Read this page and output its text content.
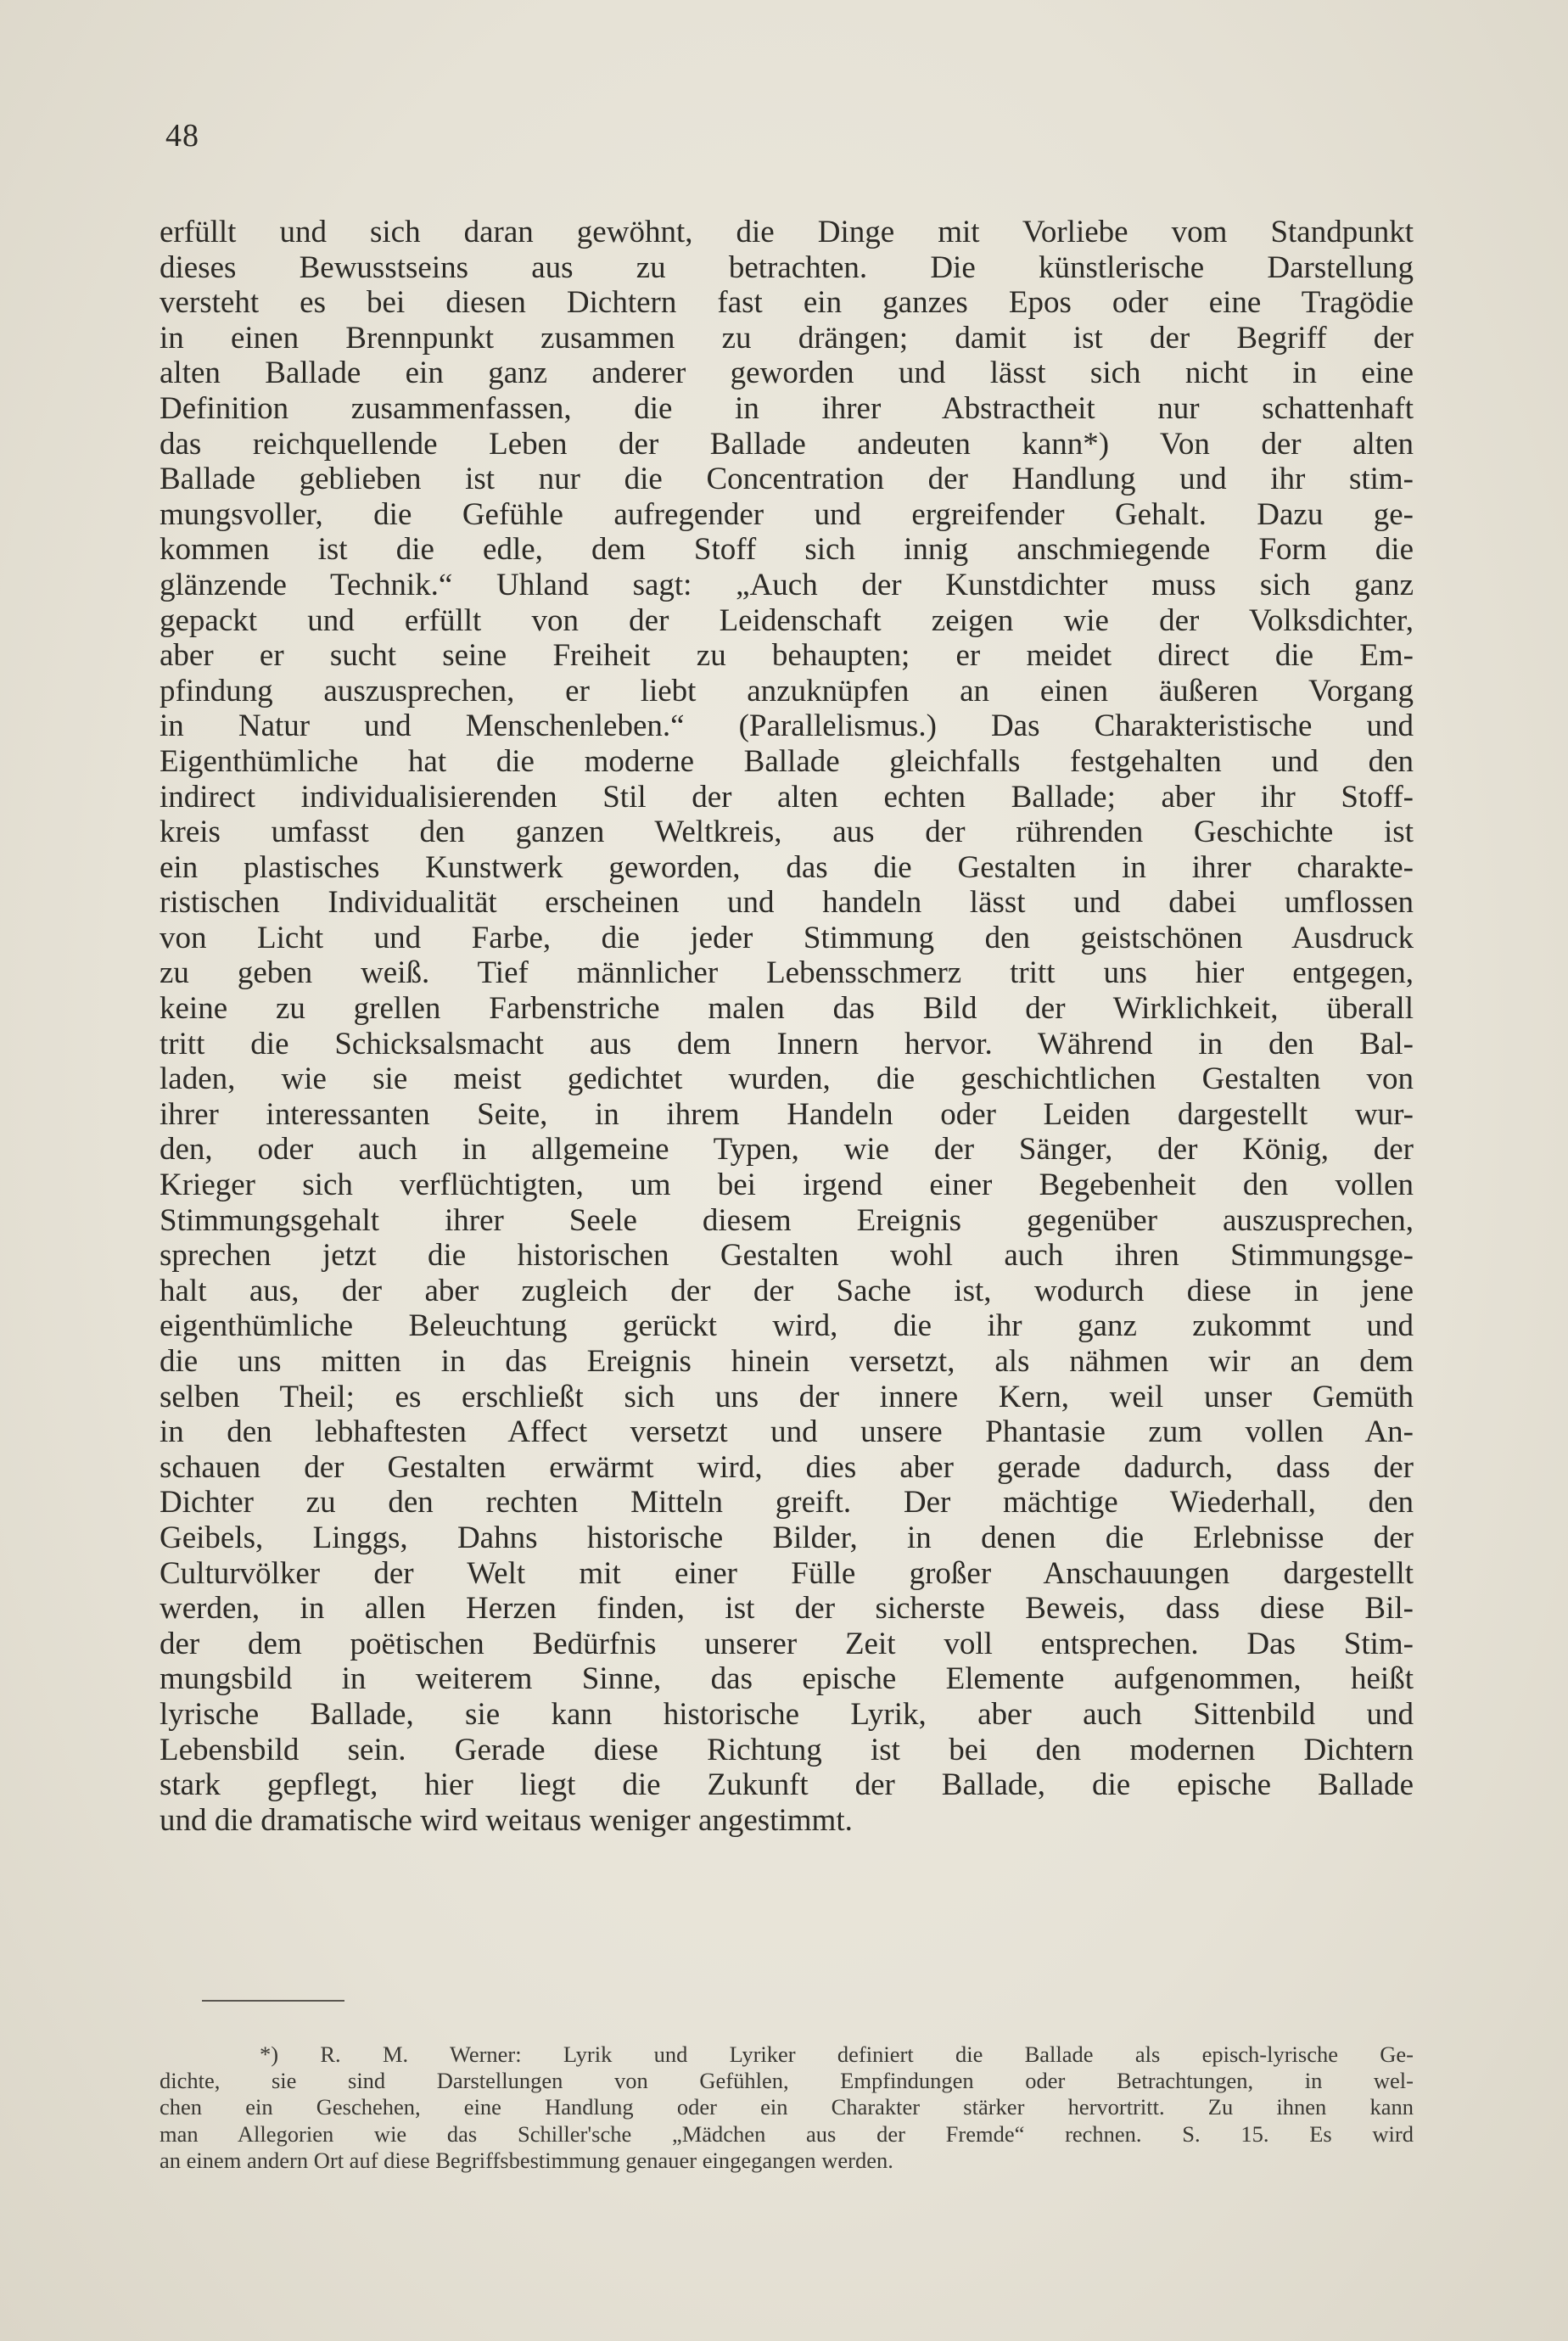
48
erfüllt und sich daran gewöhnt, die Dinge mit Vorliebe vom Standpunkt
dieses Bewusstseins aus zu betrachten. Die künstlerische Darstellung
versteht es bei diesen Dichtern fast ein ganzes Epos oder eine Tragödie
in einen Brennpunkt zusammen zu drängen; damit ist der Begriff der
alten Ballade ein ganz anderer geworden und lässt sich nicht in eine
Definition zusammenfassen, die in ihrer Abstractheit nur schattenhaft
das reichquellende Leben der Ballade andeuten kann*) Von der alten
Ballade geblieben ist nur die Concentration der Handlung und ihr stim-
mungsvoller, die Gefühle aufregender und ergreifender Gehalt. Dazu ge-
kommen ist die edle, dem Stoff sich innig anschmiegende Form die
glänzende Technik.“ Uhland sagt: „Auch der Kunstdichter muss sich ganz
gepackt und erfüllt von der Leidenschaft zeigen wie der Volksdichter,
aber er sucht seine Freiheit zu behaupten; er meidet direct die Em-
pfindung auszusprechen, er liebt anzuknüpfen an einen äußeren Vorgang
in Natur und Menschenleben.“ (Parallelismus.) Das Charakteristische und
Eigenthümliche hat die moderne Ballade gleichfalls festgehalten und den
indirect individualisierenden Stil der alten echten Ballade; aber ihr Stoff-
kreis umfasst den ganzen Weltkreis, aus der rührenden Geschichte ist
ein plastisches Kunstwerk geworden, das die Gestalten in ihrer charakte-
ristischen Individualität erscheinen und handeln lässt und dabei umflossen
von Licht und Farbe, die jeder Stimmung den geistschönen Ausdruck
zu geben weiß. Tief männlicher Lebensschmerz tritt uns hier entgegen,
keine zu grellen Farbenstriche malen das Bild der Wirklichkeit, überall
tritt die Schicksalsmacht aus dem Innern hervor. Während in den Bal-
laden, wie sie meist gedichtet wurden, die geschichtlichen Gestalten von
ihrer interessanten Seite, in ihrem Handeln oder Leiden dargestellt wur-
den, oder auch in allgemeine Typen, wie der Sänger, der König, der
Krieger sich verflüchtigten, um bei irgend einer Begebenheit den vollen
Stimmungsgehalt ihrer Seele diesem Ereignis gegenüber auszusprechen,
sprechen jetzt die historischen Gestalten wohl auch ihren Stimmungsge-
halt aus, der aber zugleich der der Sache ist, wodurch diese in jene
eigenthümliche Beleuchtung gerückt wird, die ihr ganz zukommt und
die uns mitten in das Ereignis hinein versetzt, als nähmen wir an dem
selben Theil; es erschließt sich uns der innere Kern, weil unser Gemüth
in den lebhaftesten Affect versetzt und unsere Phantasie zum vollen An-
schauen der Gestalten erwärmt wird, dies aber gerade dadurch, dass der
Dichter zu den rechten Mitteln greift. Der mächtige Wiederhall, den
Geibels, Linggs, Dahns historische Bilder, in denen die Erlebnisse der
Culturvölker der Welt mit einer Fülle großer Anschauungen dargestellt
werden, in allen Herzen finden, ist der sicherste Beweis, dass diese Bil-
der dem poëtischen Bedürfnis unserer Zeit voll entsprechen. Das Stim-
mungsbild in weiterem Sinne, das epische Elemente aufgenommen, heißt
lyrische Ballade, sie kann historische Lyrik, aber auch Sittenbild und
Lebensbild sein. Gerade diese Richtung ist bei den modernen Dichtern
stark gepflegt, hier liegt die Zukunft der Ballade, die epische Ballade
und die dramatische wird weitaus weniger angestimmt.
*) R. M. Werner: Lyrik und Lyriker definiert die Ballade als episch-lyrische Ge-
dichte, sie sind Darstellungen von Gefühlen, Empfindungen oder Betrachtungen, in wel-
chen ein Geschehen, eine Handlung oder ein Charakter stärker hervortritt. Zu ihnen kann
man Allegorien wie das Schiller'sche „Mädchen aus der Fremde“ rechnen. S. 15. Es wird
an einem andern Ort auf diese Begriffsbestimmung genauer eingegangen werden.
